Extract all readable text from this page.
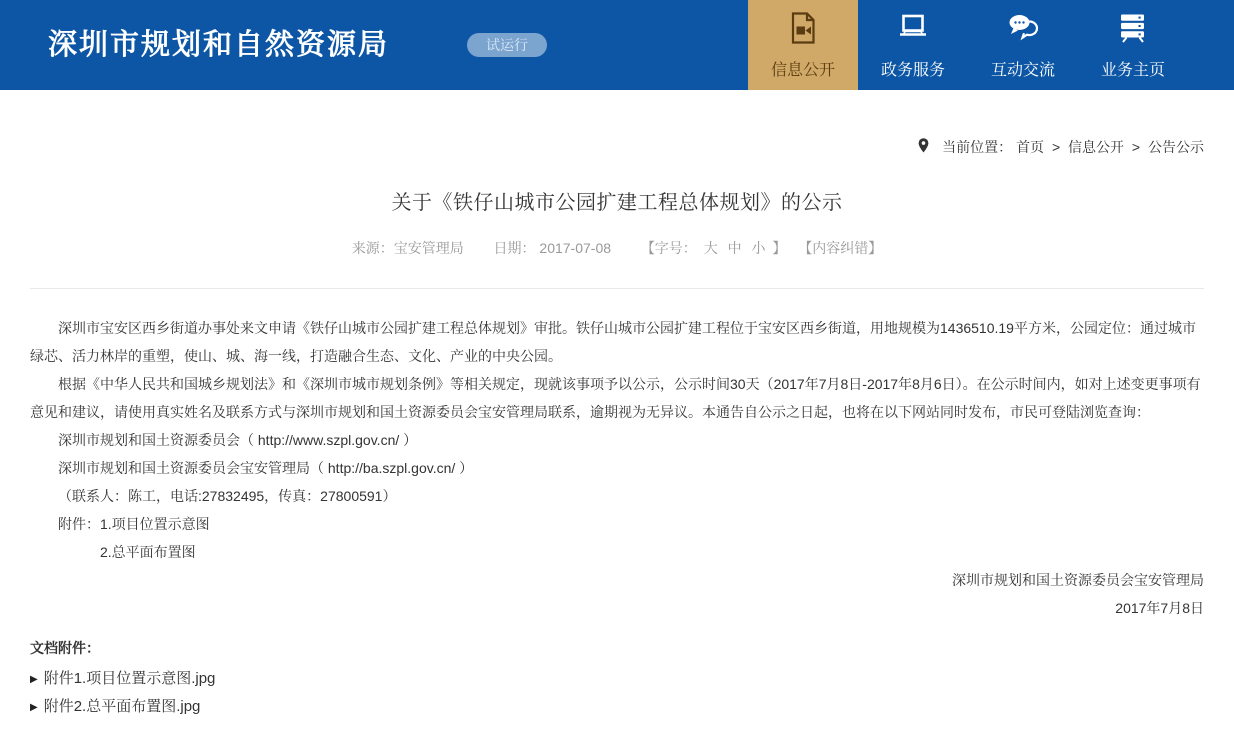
深圳市规划和自然资源局	试运行
信息公开	政务服务	互动交流	业务主页
当前位置： 首页 > 信息公开 > 公告公示
关于《铁仔山城市公园扩建工程总体规划》的公示
来源：宝安管理局 日期： 2017-07-08 【字号： 大 中 小 】 【内容纠错】

深圳市宝安区西乡街道办事处来文申请《铁仔山城市公园扩建工程总体规划》审批。铁仔山城市公园扩建工程位于宝安区西乡街道，用地规模为1436510.19平方米，公园定位：通过城市绿芯、活力林岸的重塑，使山、城、海一线，打造融合生态、文化、产业的中央公园。

根据《中华人民共和国城乡规划法》和《深圳市城市规划条例》等相关规定，现就该事项予以公示，公示时间30天（2017年7月8日-2017年8月6日）。在公示时间内，如对上述变更事项有意见和建议，请使用真实姓名及联系方式与深圳市规划和国土资源委员会宝安管理局联系，逾期视为无异议。本通告自公示之日起，也将在以下网站同时发布，市民可登陆浏览查询：

深圳市规划和国土资源委员会（ http://www.szpl.gov.cn/ ）

深圳市规划和国土资源委员会宝安管理局（ http://ba.szpl.gov.cn/ ）

（联系人：陈工，电话:27832495，传真：27800591）

附件：1.项目位置示意图

2.总平面布置图

深圳市规划和国土资源委员会宝安管理局

2017年7月8日

文档附件：
▶ 附件1.项目位置示意图.jpg
▶ 附件2.总平面布置图.jpg
